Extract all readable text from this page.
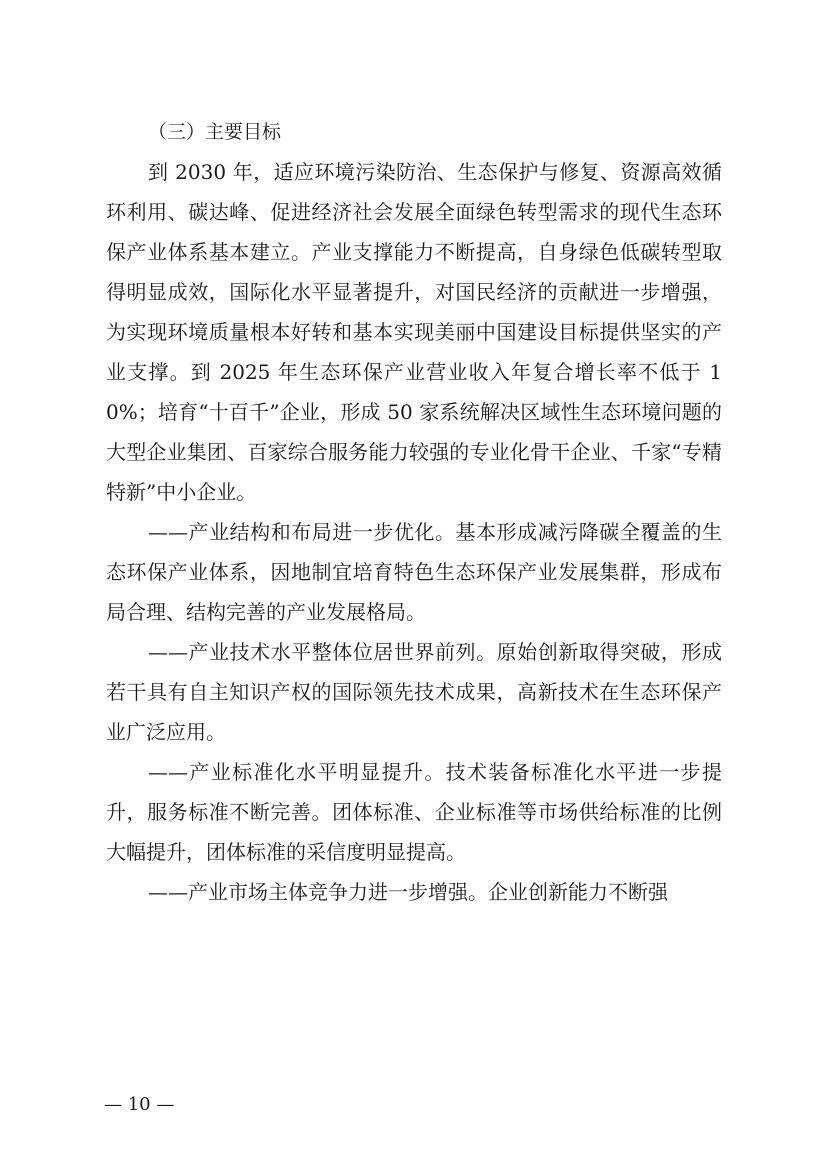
（三）主要目标

到 2030 年，适应环境污染防治、生态保护与修复、资源高效循环利用、碳达峰、促进经济社会发展全面绿色转型需求的现代生态环保产业体系基本建立。产业支撑能力不断提高，自身绿色低碳转型取得明显成效，国际化水平显著提升，对国民经济的贡献进一步增强，为实现环境质量根本好转和基本实现美丽中国建设目标提供坚实的产业支撑。到 2025 年生态环保产业营业收入年复合增长率不低于 10%；培育“十百千”企业，形成 50 家系统解决区域性生态环境问题的大型企业集团、百家综合服务能力较强的专业化骨干企业、千家“专精特新”中小企业。

——产业结构和布局进一步优化。基本形成减污降碳全覆盖的生态环保产业体系，因地制宜培育特色生态环保产业发展集群，形成布局合理、结构完善的产业发展格局。

——产业技术水平整体位居世界前列。原始创新取得突破，形成若干具有自主知识产权的国际领先技术成果，高新技术在生态环保产业广泛应用。

——产业标准化水平明显提升。技术装备标准化水平进一步提升，服务标准不断完善。团体标准、企业标准等市场供给标准的比例大幅提升，团体标准的采信度明显提高。

——产业市场主体竞争力进一步增强。企业创新能力不断强

— 10 —
